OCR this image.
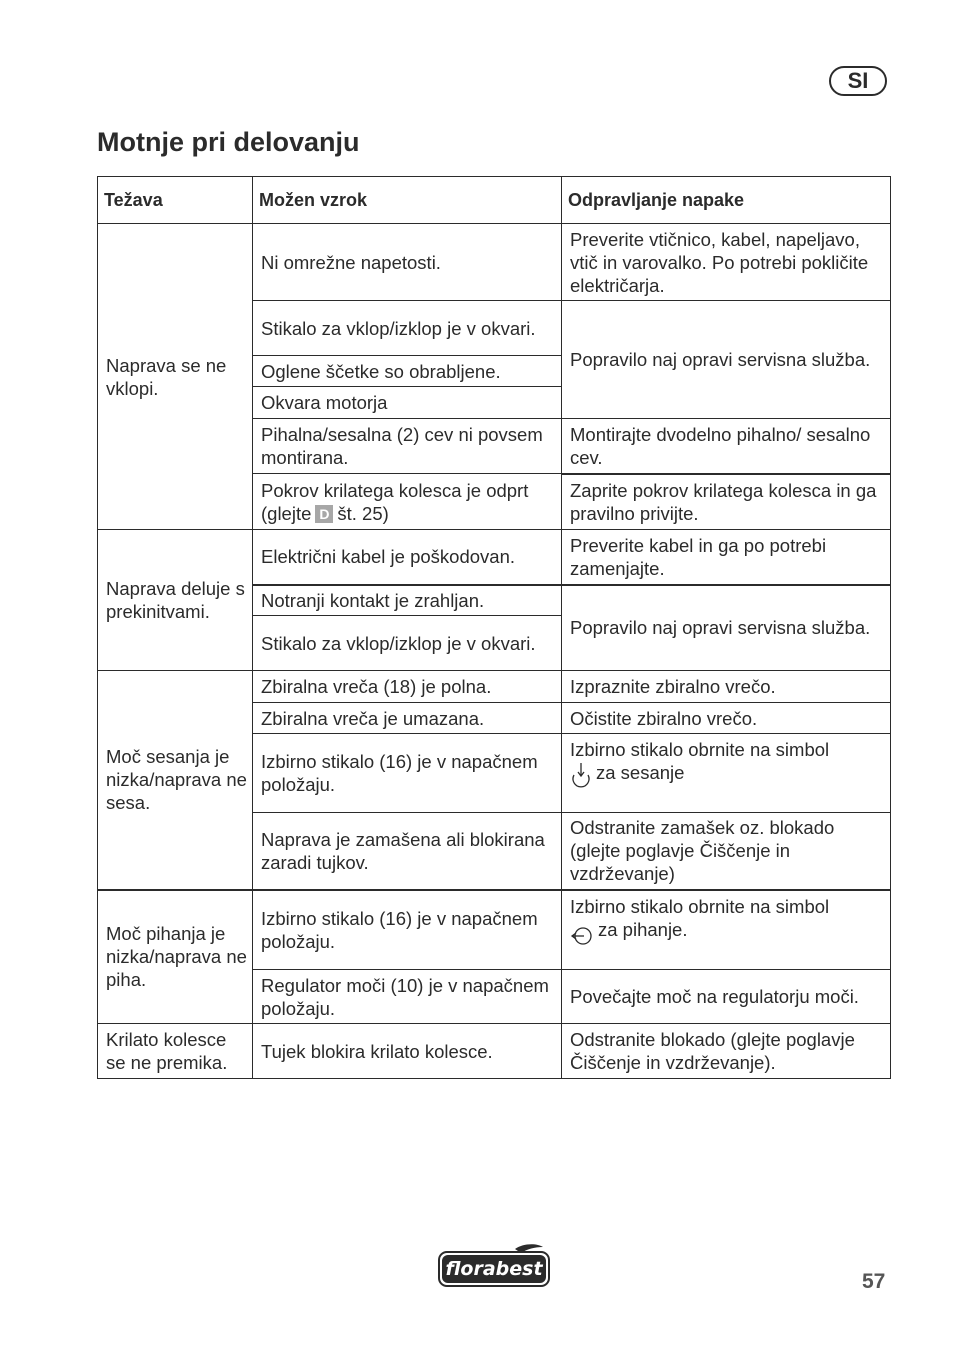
SI
Motnje pri delovanju
Težava	Možen vzrok	Odpravljanje napake
Naprava se ne vklopi.	Ni omrežne napetosti.	Preverite vtičnico, kabel, napeljavo, vtič in varovalko. Po potrebi pokličite električarja.
	Stikalo za vklop/izklop je v okvari.	Popravilo naj opravi servisna služba.
	Oglene ščetke so obrabljene.	
	Okvara motorja	
	Pihalna/sesalna (2) cev ni povsem montirana.	Montirajte dvodelno pihalno/ sesalno cev.
	Pokrov krilatega kolesca je odprt (glejte D št. 25)	Zaprite pokrov krilatega kolesca in ga pravilno privijte.
Naprava deluje s prekinitvami.	Električni kabel je poškodovan.	Preverite kabel in ga po potrebi zamenjajte.
	Notranji kontakt je zrahljan.	Popravilo naj opravi servisna služba.
	Stikalo za vklop/izklop je v okvari.	
Moč sesanja je nizka/naprava ne sesa.	Zbiralna vreča (18) je polna.	Izpraznite zbiralno vrečo.
	Zbiralna vreča je umazana.	Očistite zbiralno vrečo.
	Izbirno stikalo (16) je v napačnem položaju.	Izbirno stikalo obrnite na simbol
za sesanje
	Naprava je zamašena ali blokirana zaradi tujkov.	Odstranite zamašek oz. blokado (glejte poglavje Čiščenje in vzdrževanje)
Moč pihanja je nizka/naprava ne piha.	Izbirno stikalo (16) je v napačnem položaju.	Izbirno stikalo obrnite na simbol
za pihanje.
	Regulator moči (10) je v napačnem položaju.	Povečajte moč na regulatorju moči.
Krilato kolesce se ne premika.	Tujek blokira krilato kolesce.	Odstranite blokado (glejte poglavje Čiščenje in vzdrževanje).
florabest
57
